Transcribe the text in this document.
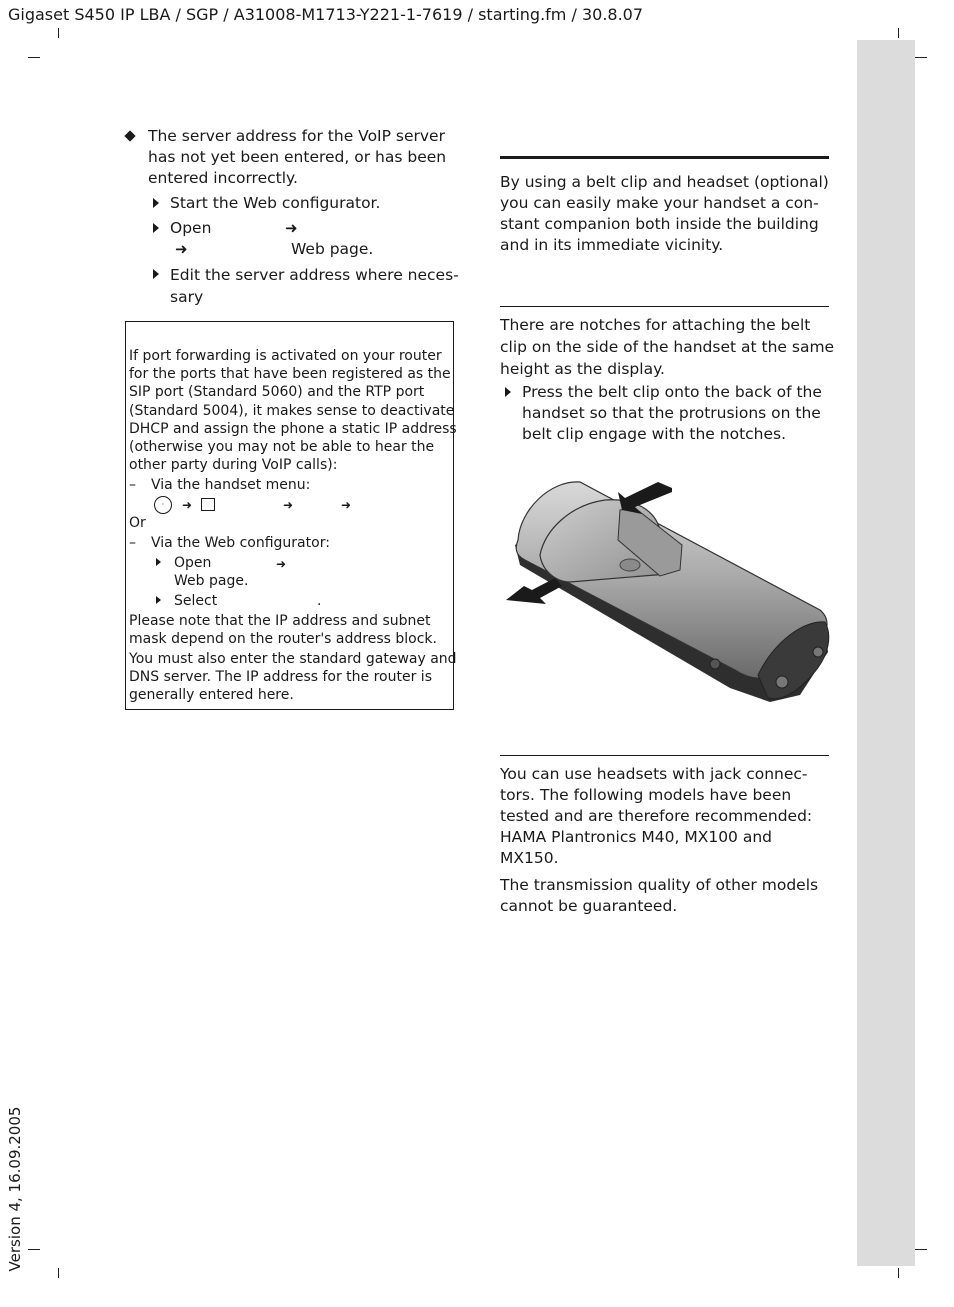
Gigaset S450 IP LBA / SGP / A31008-M1713-Y221-1-7619 / starting.fm / 30.8.07
Version 4, 16.09.2005
The server address for the VoIP server
has not yet been entered, or has been
entered incorrectly.
Start the Web configurator.
Open	➜
➜	Web page.
Edit the server address where neces-
sary
If port forwarding is activated on your router
for the ports that have been registered as the
SIP port (Standard 5060) and the RTP port
(Standard 5004), it makes sense to deactivate
DHCP and assign the phone a static IP address
(otherwise you may not be able to hear the
other party during VoIP calls):
– Via the handset menu:
◦	➜	➜	➜
Or
– Via the Web configurator:
Open	➜
Web page.
Select	.
Please note that the IP address and subnet
mask depend on the router's address block.
You must also enter the standard gateway and
DNS server. The IP address for the router is
generally entered here.
By using a belt clip and headset (optional)
you can easily make your handset a con-
stant companion both inside the building
and in its immediate vicinity.
There are notches for attaching the belt
clip on the side of the handset at the same
height as the display.
Press the belt clip onto the back of the
handset so that the protrusions on the
belt clip engage with the notches.
You can use headsets with jack connec-
tors. The following models have been
tested and are therefore recommended:
HAMA Plantronics M40, MX100 and
MX150.
The transmission quality of other models
cannot be guaranteed.
